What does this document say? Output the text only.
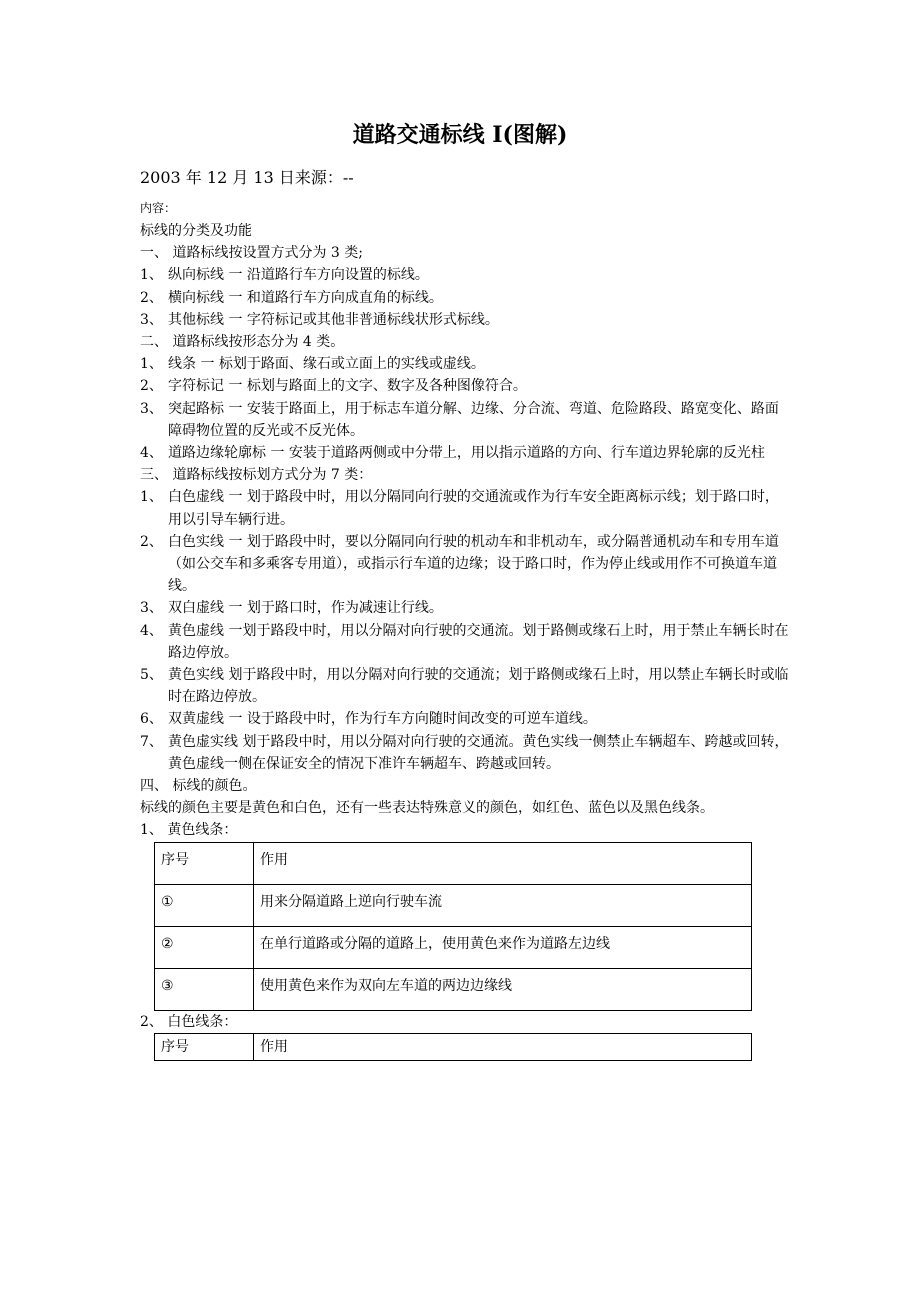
道路交通标线 I(图解)
2003 年 12 月 13 日来源：--
内容：
标线的分类及功能
一、 道路标线按设置方式分为 3 类;
1、 纵向标线 一 沿道路行车方向设置的标线。
2、 横向标线 一 和道路行车方向成直角的标线。
3、 其他标线 一 字符标记或其他非普通标线状形式标线。
二、 道路标线按形态分为 4 类。
1、 线条 一 标划于路面、缘石或立面上的实线或虚线。
2、 字符标记 一 标划与路面上的文字、数字及各种图像符合。
3、 突起路标 一 安装于路面上，用于标志车道分解、边缘、分合流、弯道、危险路段、路宽变化、路面障碍物位置的反光或不反光体。
4、 道路边缘轮廓标 一 安装于道路两侧或中分带上，用以指示道路的方向、行车道边界轮廓的反光柱
三、 道路标线按标划方式分为 7 类：
1、 白色虚线 一 划于路段中时，用以分隔同向行驶的交通流或作为行车安全距离标示线；划于路口时，用以引导车辆行进。
2、 白色实线 一 划于路段中时，要以分隔同向行驶的机动车和非机动车，或分隔普通机动车和专用车道（如公交车和多乘客专用道），或指示行车道的边缘；设于路口时，作为停止线或用作不可换道车道线。
3、 双白虚线 一 划于路口时，作为减速让行线。
4、 黄色虚线 一划于路段中时，用以分隔对向行驶的交通流。划于路侧或缘石上时，用于禁止车辆长时在路边停放。
5、 黄色实线 划于路段中时，用以分隔对向行驶的交通流；划于路侧或缘石上时，用以禁止车辆长时或临时在路边停放。
6、 双黄虚线 一 设于路段中时，作为行车方向随时间改变的可逆车道线。
7、 黄色虚实线 划于路段中时，用以分隔对向行驶的交通流。黄色实线一侧禁止车辆超车、跨越或回转，黄色虚线一侧在保证安全的情况下准许车辆超车、跨越或回转。
四、 标线的颜色。
标线的颜色主要是黄色和白色，还有一些表达特殊意义的颜色，如红色、蓝色以及黑色线条。
1、 黄色线条：
序号	作用
①	用来分隔道路上逆向行驶车流
②	在单行道路或分隔的道路上，使用黄色来作为道路左边线
③	使用黄色来作为双向左车道的两边边缘线
2、 白色线条：
序号	作用
